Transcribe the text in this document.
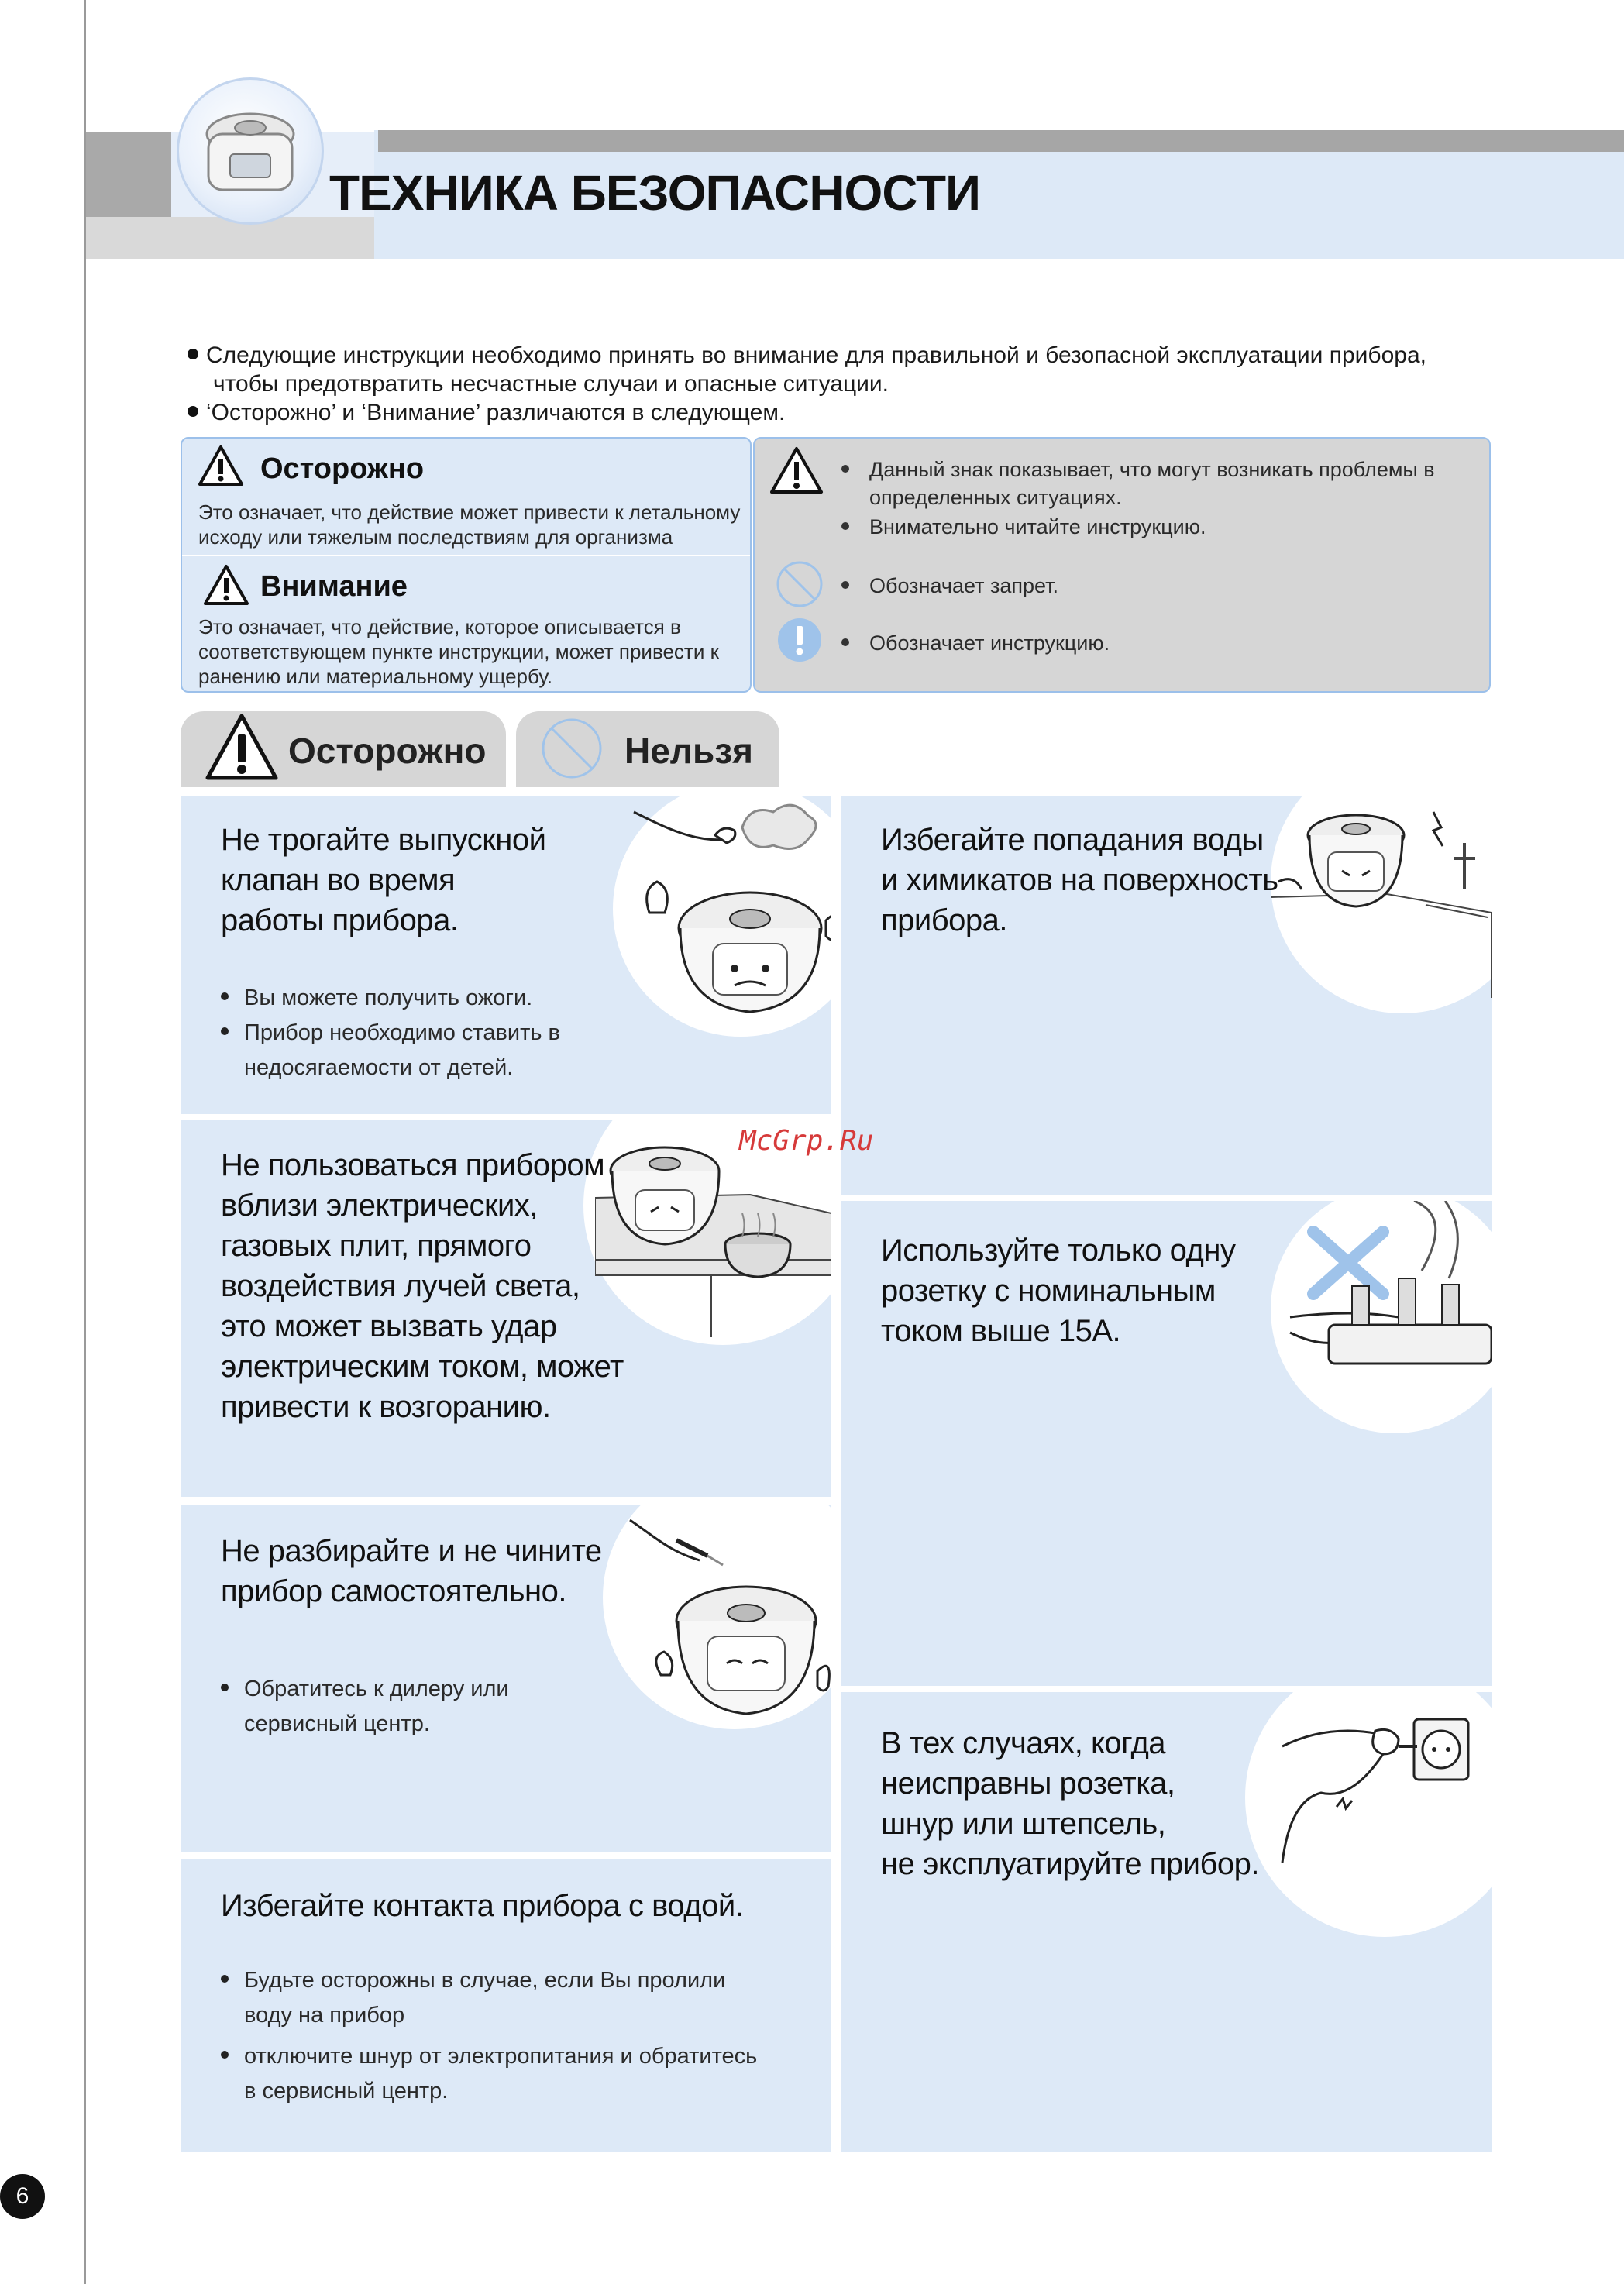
ТЕХНИКА БЕЗОПАСНОСТИ
Следующие инструкции необходимо принять во внимание для правильной и безопасной эксплуатации прибора,
чтобы предотвратить несчастные случаи и опасные ситуации.
‘Осторожно’ и ‘Внимание’ различаются в следующем.
Осторожно
Это означает, что действие может привести к летальному
исходу или тяжелым последствиям для организма
Внимание
Это означает, что действие, которое описывается в
соответствующем пункте инструкции, может привести к
ранению или материальному ущербу.
Данный знак показывает, что могут возникать проблемы в
определенных ситуациях.
Внимательно читайте инструкцию.
Обозначает запрет.
Обозначает инструкцию.
Осторожно	Нельзя
Не трогайте выпускной
клапан во время
работы прибора.
Вы можете получить ожоги.
Прибор необходимо ставить в
недосягаемости от детей.
Не пользоваться прибором
вблизи электрических,
газовых плит, прямого
воздействия лучей света,
это может вызвать удар
электрическим током, может
привести к возгоранию.
Не разбирайте и не чините
прибор самостоятельно.
Обратитесь к дилеру или
сервисный центр.
Избегайте контакта прибора с водой.
Будьте осторожны в случае, если Вы пролили
воду на прибор
отключите шнур от электропитания и обратитесь
в сервисный центр.
Избегайте попадания воды
и химикатов на поверхность
прибора.
Используйте только одну
розетку с номинальным
током выше 15А.
В тех случаях, когда
неисправны розетка,
шнур или штепсель,
не эксплуатируйте прибор.
McGrp.Ru
6
